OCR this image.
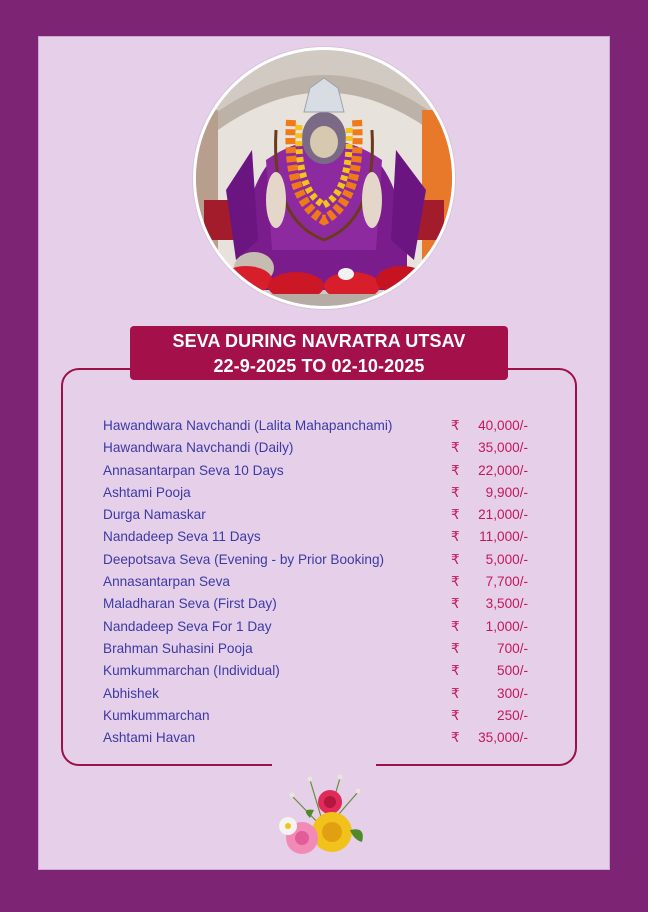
SEVA DURING NAVRATRA UTSAV
22-9-2025 TO 02-10-2025
Hawandwara Navchandi (Lalita Mahapanchami)	₹ 40,000/-
Hawandwara Navchandi (Daily)	₹ 35,000/-
Annasantarpan Seva 10 Days	₹ 22,000/-
Ashtami Pooja	₹ 9,900/-
Durga Namaskar	₹ 21,000/-
Nandadeep Seva 11 Days	₹ 11,000/-
Deepotsava Seva (Evening - by Prior Booking)	₹ 5,000/-
Annasantarpan Seva	₹ 7,700/-
Maladharan Seva (First Day)	₹ 3,500/-
Nandadeep Seva For 1 Day	₹ 1,000/-
Brahman Suhasini Pooja	₹	700/-
Kumkummarchan (Individual)	₹	500/-
Abhishek	₹	300/-
Kumkummarchan	₹	250/-
Ashtami Havan	₹ 35,000/-
